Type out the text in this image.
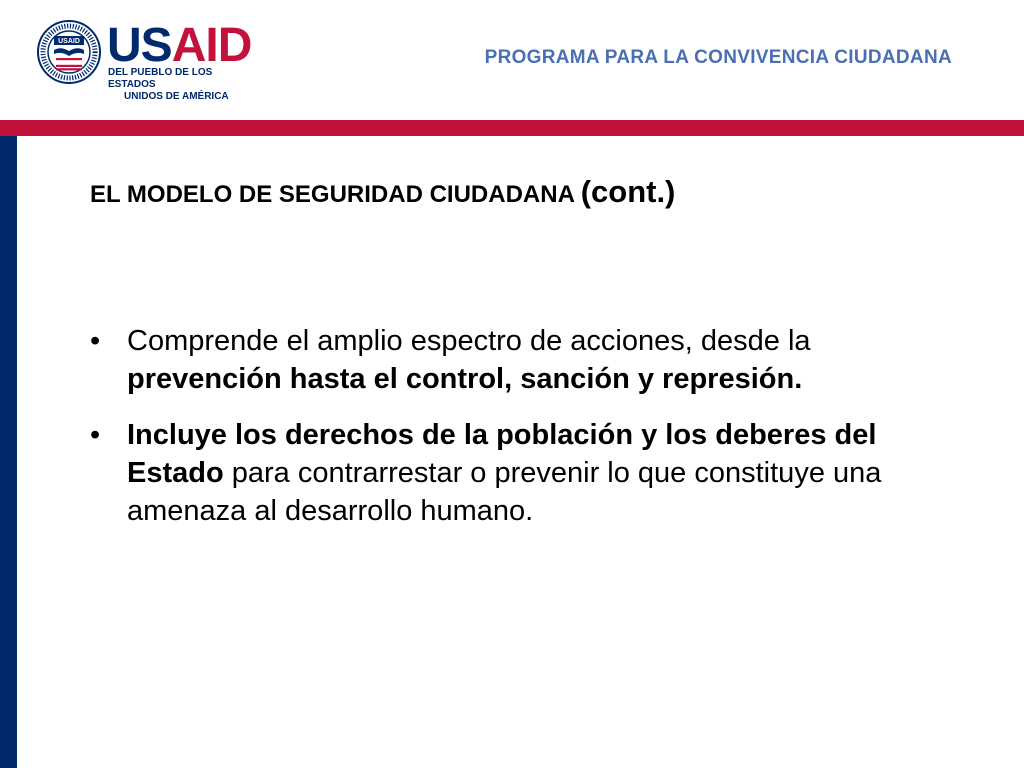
USAID USAID
DEL PUEBLO DE LOS ESTADOS
UNIDOS DE AMÉRICA
PROGRAMA PARA LA CONVIVENCIA CIUDADANA
EL MODELO DE SEGURIDAD CIUDADANA (cont.)
• Comprende el amplio espectro de acciones, desde la prevención hasta el control, sanción y represión.
• Incluye los derechos de la población y los deberes del Estado para contrarrestar o prevenir lo que constituye una amenaza al desarrollo humano.
